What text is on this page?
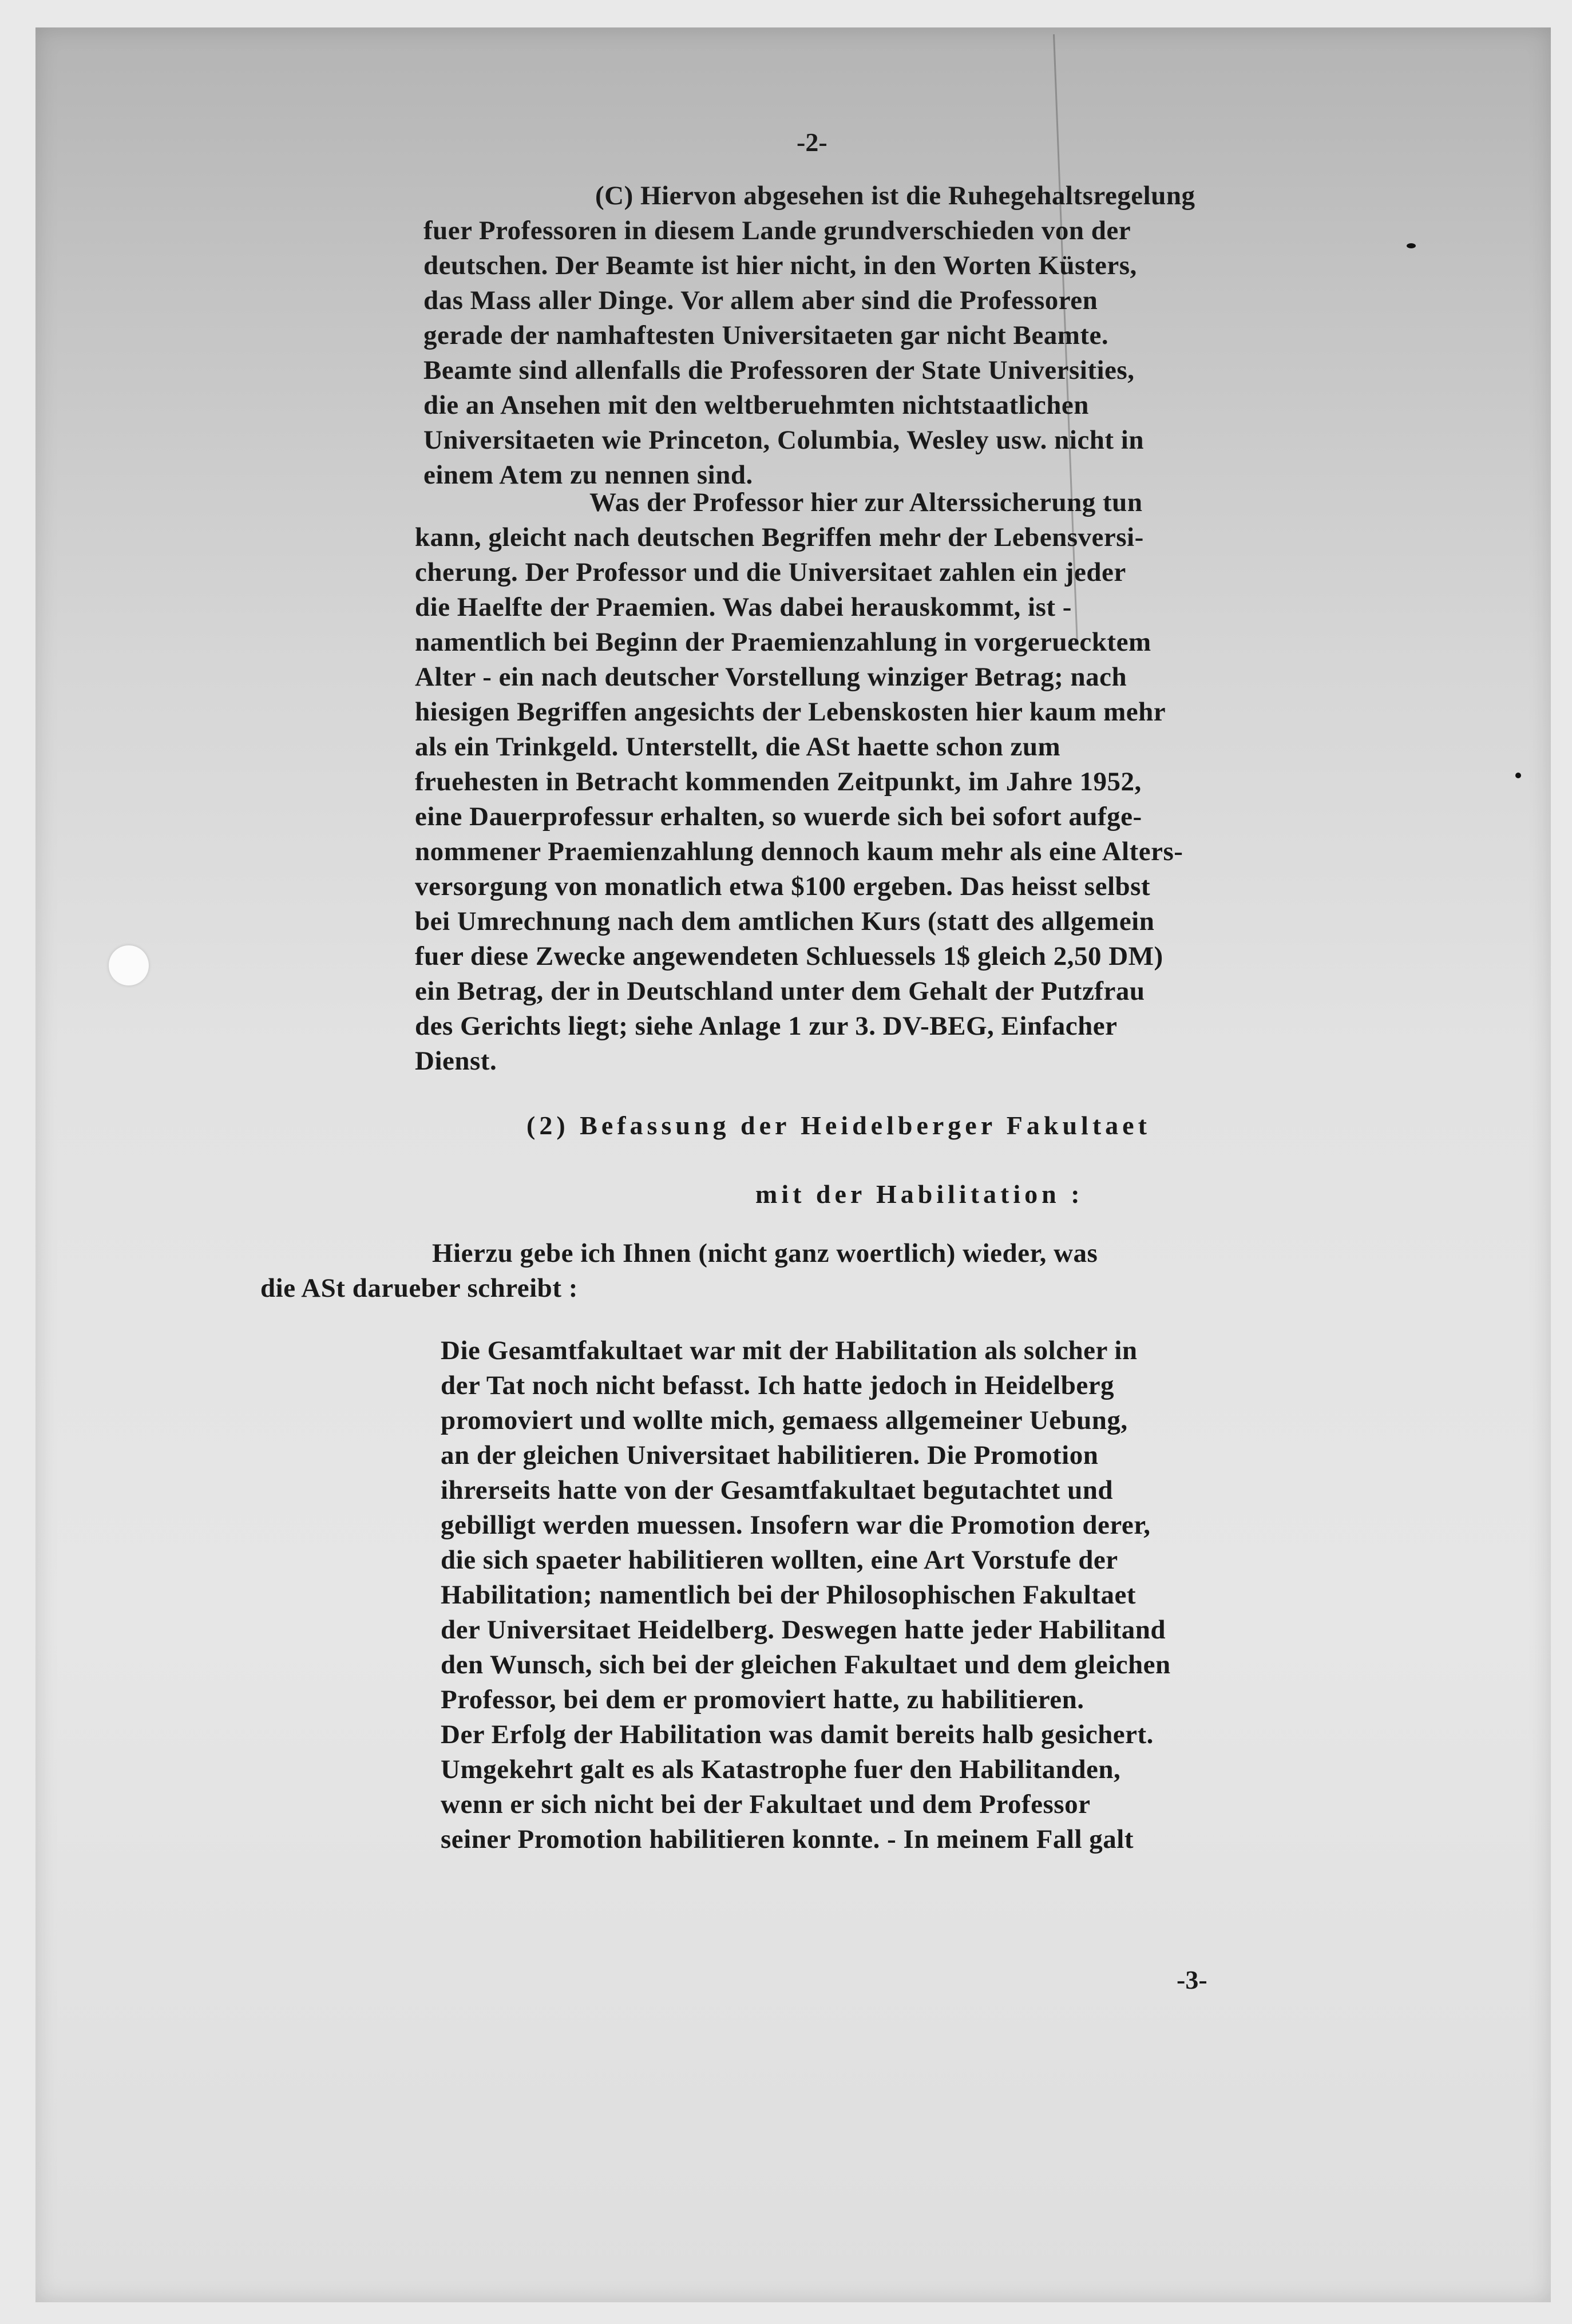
-2-
(C) Hiervon abgesehen ist die Ruhegehaltsregelung
fuer Professoren in diesem Lande grundverschieden von der
deutschen. Der Beamte ist hier nicht, in den Worten Küsters,
das Mass aller Dinge. Vor allem aber sind die Professoren
gerade der namhaftesten Universitaeten gar nicht Beamte.
Beamte sind allenfalls die Professoren der State Universities,
die an Ansehen mit den weltberuehmten nichtstaatlichen
Universitaeten wie Princeton, Columbia, Wesley usw. nicht in
einem Atem zu nennen sind.
Was der Professor hier zur Alterssicherung tun
kann, gleicht nach deutschen Begriffen mehr der Lebensversi-
cherung. Der Professor und die Universitaet zahlen ein jeder
die Haelfte der Praemien. Was dabei herauskommt, ist -
namentlich bei Beginn der Praemienzahlung in vorgeruecktem
Alter - ein nach deutscher Vorstellung winziger Betrag; nach
hiesigen Begriffen angesichts der Lebenskosten hier kaum mehr
als ein Trinkgeld. Unterstellt, die ASt haette schon zum
fruehesten in Betracht kommenden Zeitpunkt, im Jahre 1952,
eine Dauerprofessur erhalten, so wuerde sich bei sofort aufge-
nommener Praemienzahlung dennoch kaum mehr als eine Alters-
versorgung von monatlich etwa $100 ergeben. Das heisst selbst
bei Umrechnung nach dem amtlichen Kurs (statt des allgemein
fuer diese Zwecke angewendeten Schluessels 1$ gleich 2,50 DM)
ein Betrag, der in Deutschland unter dem Gehalt der Putzfrau
des Gerichts liegt; siehe Anlage 1 zur 3. DV-BEG, Einfacher
Dienst.
(2) Befassung der Heidelberger Fakultaet
mit der Habilitation :
Hierzu gebe ich Ihnen (nicht ganz woertlich) wieder, was
die ASt darueber schreibt :
Die Gesamtfakultaet war mit der Habilitation als solcher in
der Tat noch nicht befasst. Ich hatte jedoch in Heidelberg
promoviert und wollte mich, gemaess allgemeiner Uebung,
an der gleichen Universitaet habilitieren. Die Promotion
ihrerseits hatte von der Gesamtfakultaet begutachtet und
gebilligt werden muessen. Insofern war die Promotion derer,
die sich spaeter habilitieren wollten, eine Art Vorstufe der
Habilitation; namentlich bei der Philosophischen Fakultaet
der Universitaet Heidelberg. Deswegen hatte jeder Habilitand
den Wunsch, sich bei der gleichen Fakultaet und dem gleichen
Professor, bei dem er promoviert hatte, zu habilitieren.
Der Erfolg der Habilitation was damit bereits halb gesichert.
Umgekehrt galt es als Katastrophe fuer den Habilitanden,
wenn er sich nicht bei der Fakultaet und dem Professor
seiner Promotion habilitieren konnte. - In meinem Fall galt
-3-
